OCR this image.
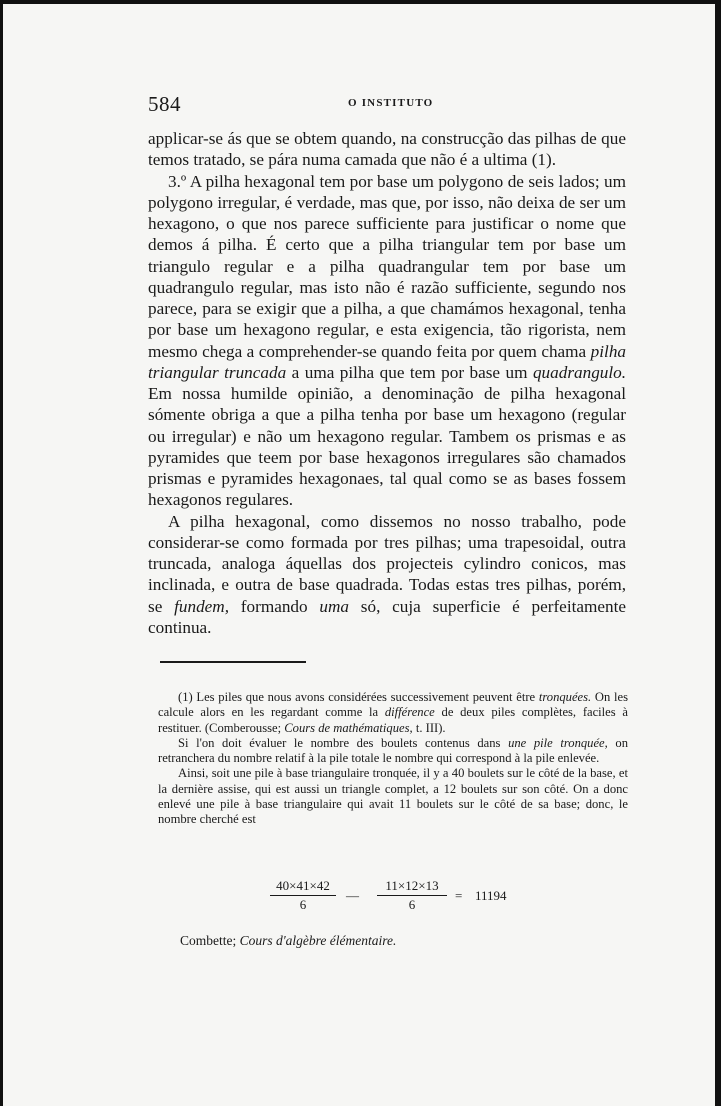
584	O INSTITUTO

applicar-se ás que se obtem quando, na construcção das pilhas de que temos tratado, se pára numa camada que não é a ultima (1).

3.º A pilha hexagonal tem por base um polygono de seis lados; um polygono irregular, é verdade, mas que, por isso, não deixa de ser um hexagono, o que nos parece sufficiente para justificar o nome que demos á pilha. É certo que a pilha triangular tem por base um triangulo regular e a pilha quadrangular tem por base um quadrangulo regular, mas isto não é razão sufficiente, segundo nos parece, para se exigir que a pilha, a que chamámos hexagonal, tenha por base um hexagono regular, e esta exigencia, tão rigorista, nem mesmo chega a comprehender-se quando feita por quem chama pilha triangular truncada a uma pilha que tem por base um quadrangulo. Em nossa humilde opinião, a denominação de pilha hexagonal sómente obriga a que a pilha tenha por base um hexagono (regular ou irregular) e não um hexagono regular. Tambem os prismas e as pyramides que teem por base hexagonos irregulares são chamados prismas e pyramides hexagonaes, tal qual como se as bases fossem hexagonos regulares.

A pilha hexagonal, como dissemos no nosso trabalho, pode considerar-se como formada por tres pilhas; uma trapesoidal, outra truncada, analoga áquellas dos projecteis cylindro conicos, mas inclinada, e outra de base quadrada. Todas estas tres pilhas, porém, se fundem, formando uma só, cuja superficie é perfeitamente continua.

(1) Les piles que nous avons considérées successivement peuvent être tronquées. On les calcule alors en les regardant comme la différence de deux piles complètes, faciles à restituer. (Comberousse; Cours de mathématiques, t. III).

Si l'on doit évaluer le nombre des boulets contenus dans une pile tronquée, on retranchera du nombre relatif à la pile totale le nombre qui correspond à la pile enlevée.

Ainsi, soit une pile à base triangulaire tronquée, il y a 40 boulets sur le côté de la base, et la dernière assise, qui est aussi un triangle complet, a 12 boulets sur son côté. On a donc enlevé une pile à base triangulaire qui avait 11 boulets sur le côté de sa base; donc, le nombre cherché est

40×41×42
6
—
11×12×13
6
= 11194
Combette; Cours d'algèbre élémentaire.
